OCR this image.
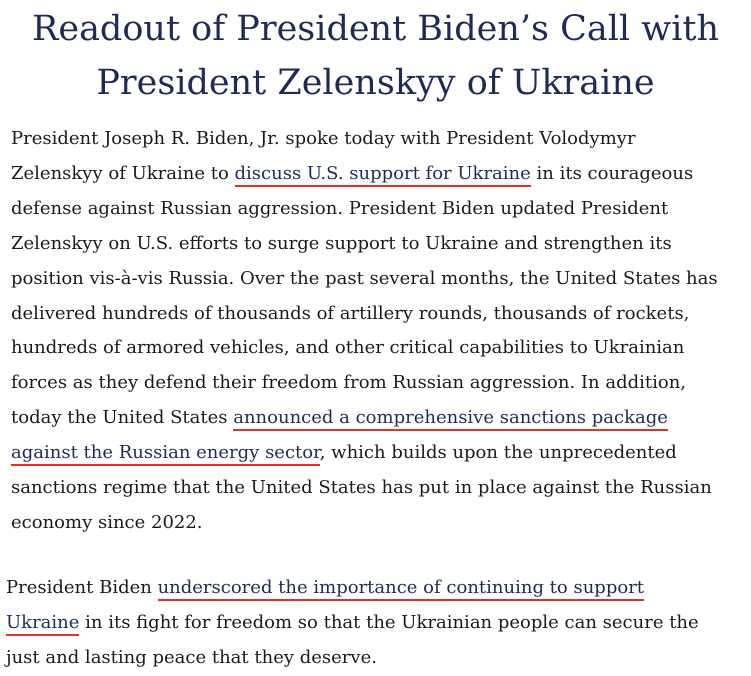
Readout of President Biden’s Call with
President Zelenskyy of Ukraine

President Joseph R. Biden, Jr. spoke today with President Volodymyr
Zelenskyy of Ukraine to discuss U.S. support for Ukraine in its courageous
defense against Russian aggression. President Biden updated President
Zelenskyy on U.S. efforts to surge support to Ukraine and strengthen its
position vis-à-vis Russia. Over the past several months, the United States has
delivered hundreds of thousands of artillery rounds, thousands of rockets,
hundreds of armored vehicles, and other critical capabilities to Ukrainian
forces as they defend their freedom from Russian aggression. In addition,
today the United States announced a comprehensive sanctions package
against the Russian energy sector, which builds upon the unprecedented
sanctions regime that the United States has put in place against the Russian
economy since 2022.

President Biden underscored the importance of continuing to support
Ukraine in its fight for freedom so that the Ukrainian people can secure the
just and lasting peace that they deserve.
